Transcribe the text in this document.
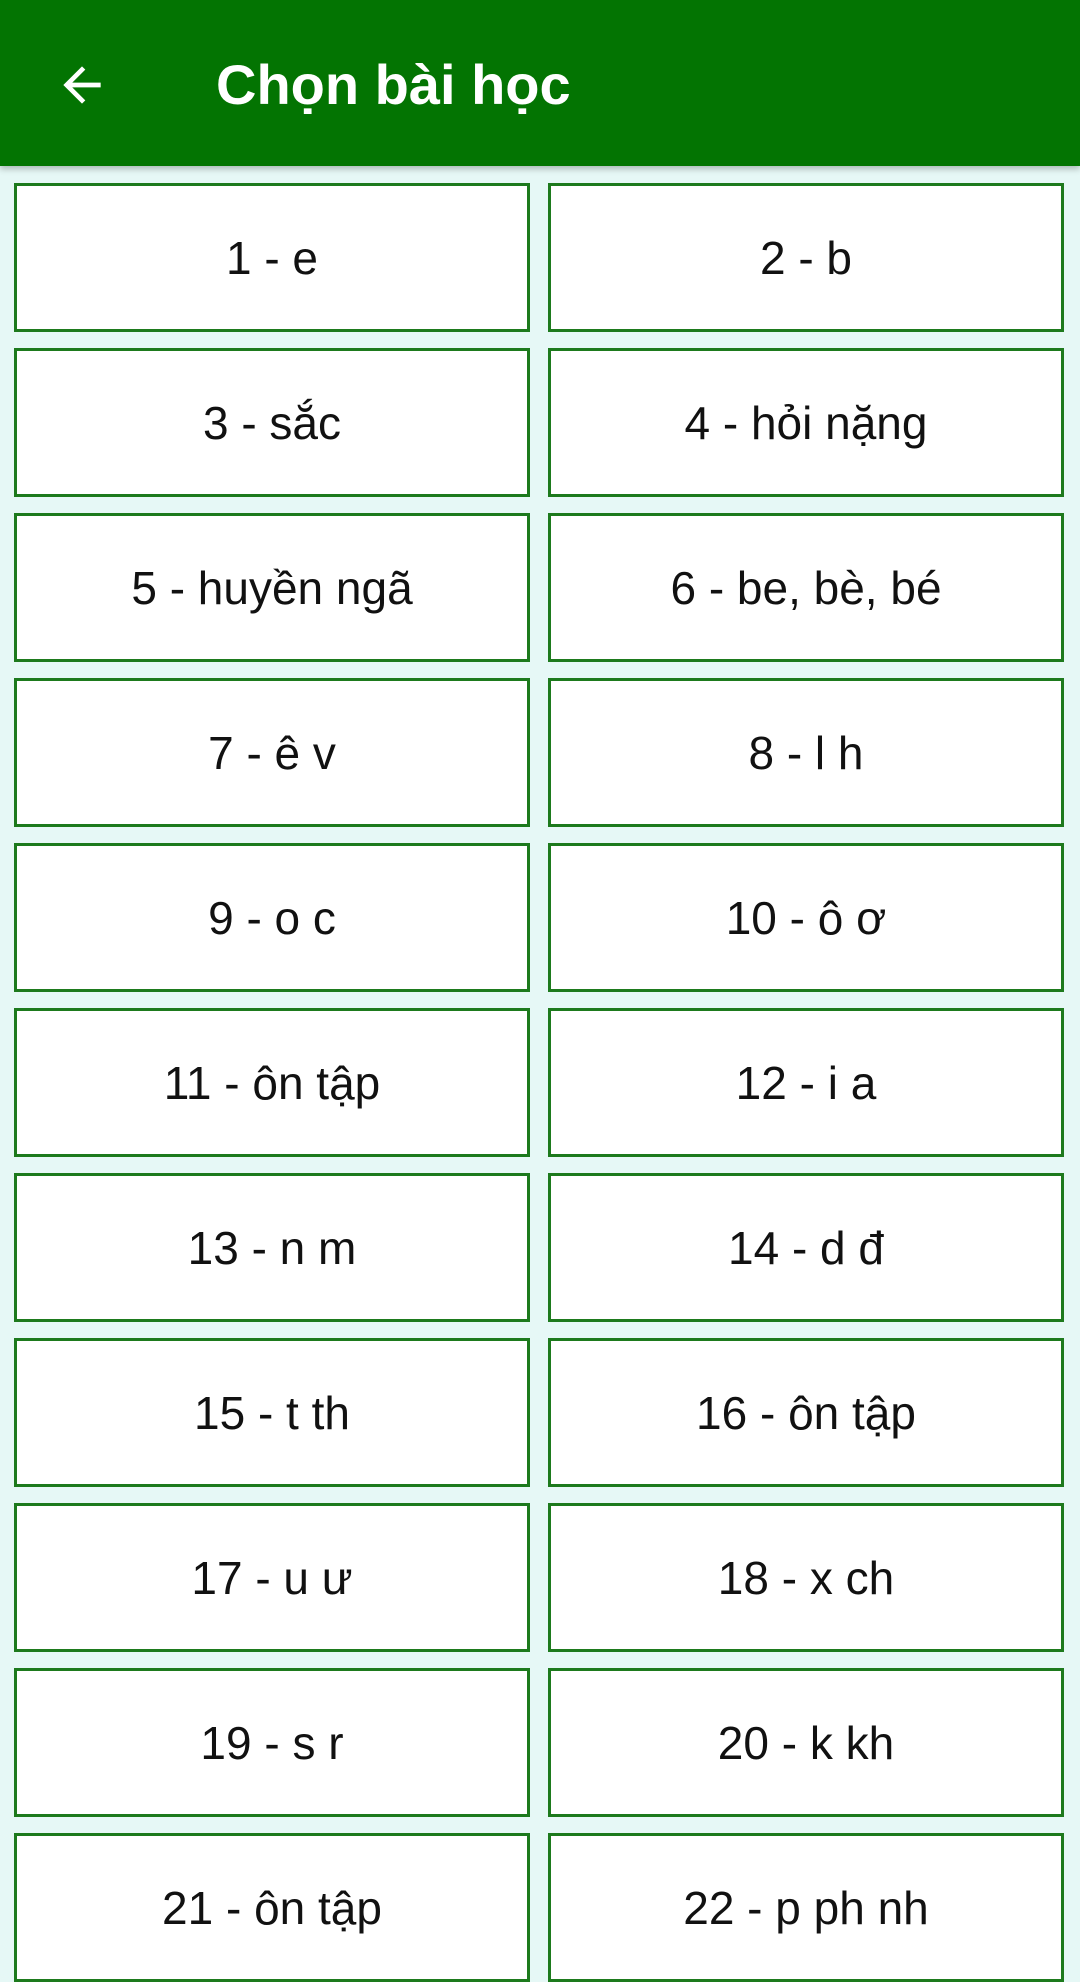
Chọn bài học
1 - e	2 - b
3 - sắc	4 - hỏi nặng
5 - huyền ngã	6 - be, bè, bé
7 - ê v	8 - l h
9 - o c	10 - ô ơ
11 - ôn tập	12 - i a
13 - n m	14 - d đ
15 - t th	16 - ôn tập
17 - u ư	18 - x ch
19 - s r	20 - k kh
21 - ôn tập	22 - p ph nh
